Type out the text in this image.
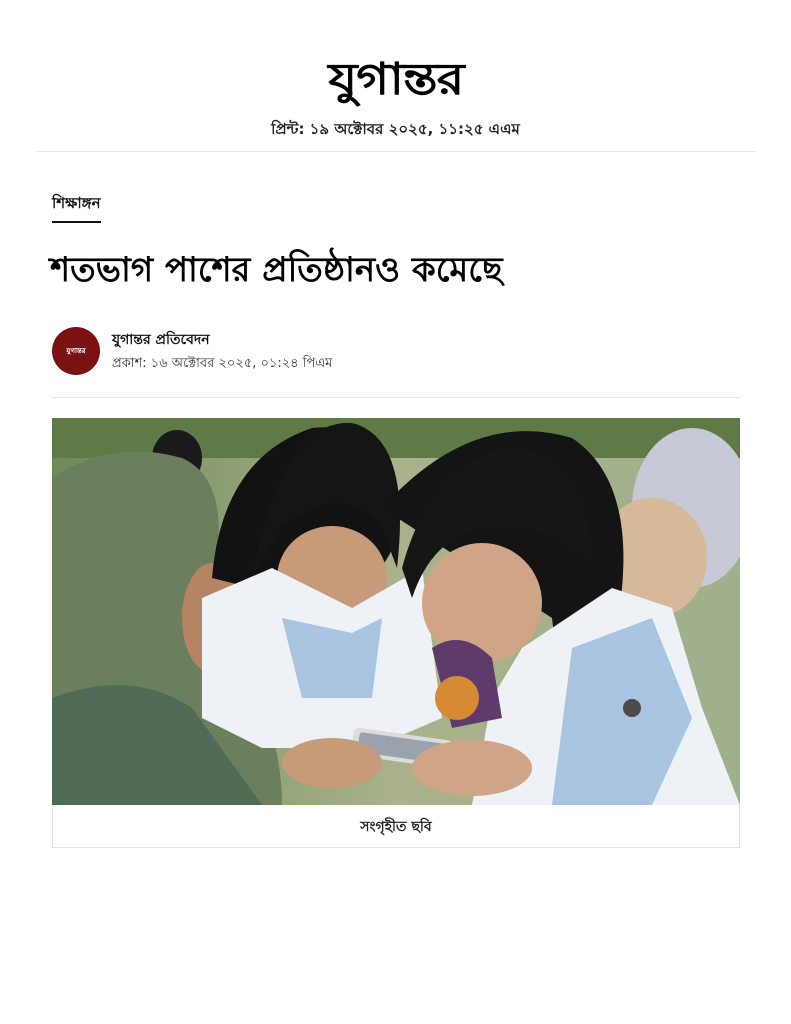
যুগান্তর
প্রিন্ট: ১৯ অক্টোবর ২০২৫, ১১:২৫ এএম
শিক্ষাঙ্গন
শতভাগ পাশের প্রতিষ্ঠানও কমেছে
যুগান্তর
যুগান্তর প্রতিবেদন
প্রকাশ: ১৬ অক্টোবর ২০২৫, ০১:২৪ পিএম
সংগৃহীত ছবি
